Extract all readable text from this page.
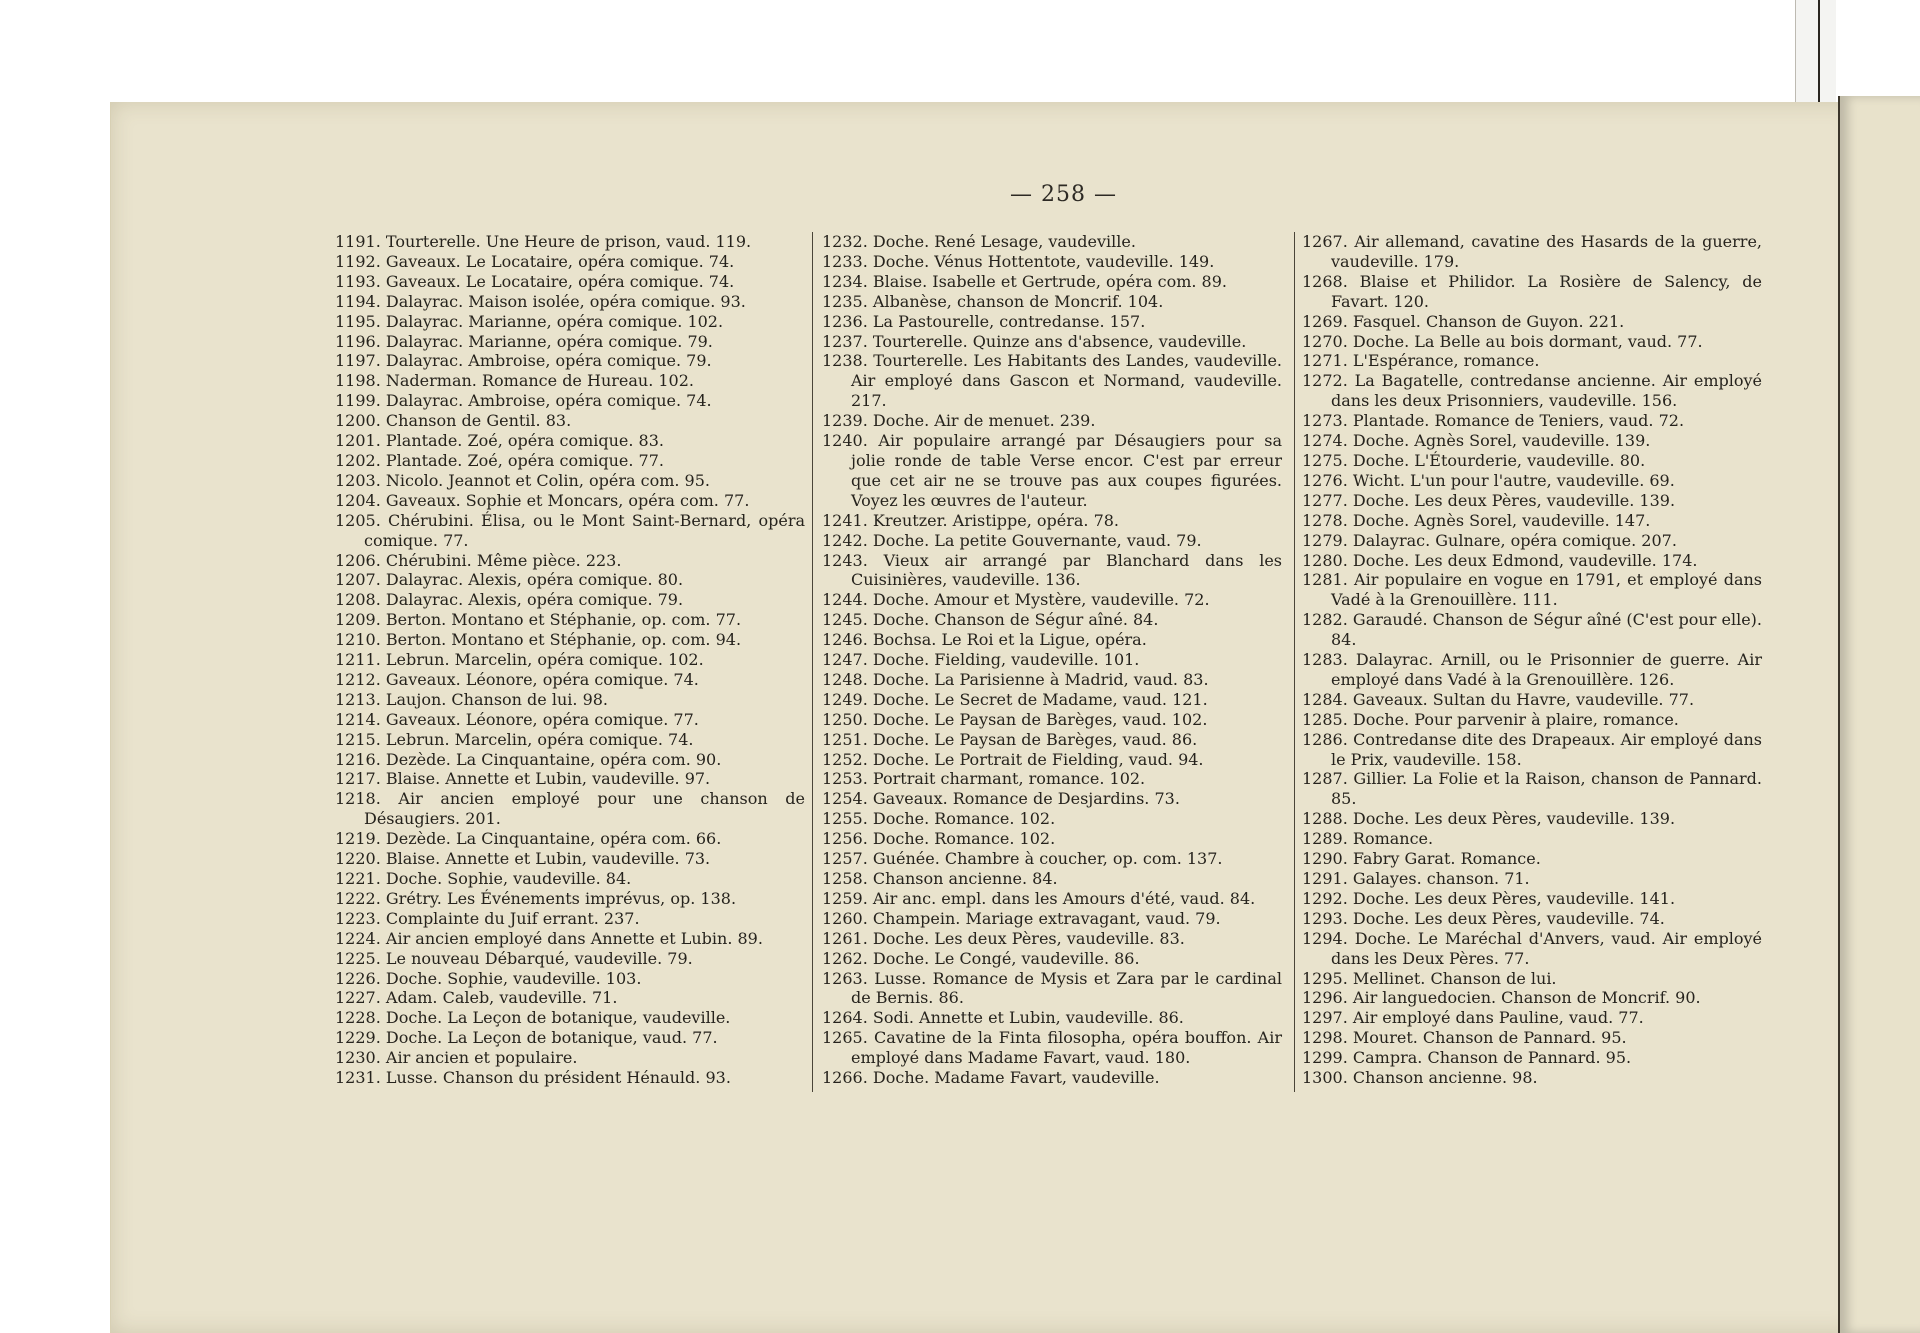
— 258 —
1191. Tourterelle. Une Heure de prison, vaud. 119.
1192. Gaveaux. Le Locataire, opéra comique. 74.
1193. Gaveaux. Le Locataire, opéra comique. 74.
1194. Dalayrac. Maison isolée, opéra comique. 93.
1195. Dalayrac. Marianne, opéra comique. 102.
1196. Dalayrac. Marianne, opéra comique. 79.
1197. Dalayrac. Ambroise, opéra comique. 79.
1198. Naderman. Romance de Hureau. 102.
1199. Dalayrac. Ambroise, opéra comique. 74.
1200. Chanson de Gentil. 83.
1201. Plantade. Zoé, opéra comique. 83.
1202. Plantade. Zoé, opéra comique. 77.
1203. Nicolo. Jeannot et Colin, opéra com. 95.
1204. Gaveaux. Sophie et Moncars, opéra com. 77.
1205. Chérubini. Élisa, ou le Mont Saint-Bernard, opéra comique. 77.
1206. Chérubini. Même pièce. 223.
1207. Dalayrac. Alexis, opéra comique. 80.
1208. Dalayrac. Alexis, opéra comique. 79.
1209. Berton. Montano et Stéphanie, op. com. 77.
1210. Berton. Montano et Stéphanie, op. com. 94.
1211. Lebrun. Marcelin, opéra comique. 102.
1212. Gaveaux. Léonore, opéra comique. 74.
1213. Laujon. Chanson de lui. 98.
1214. Gaveaux. Léonore, opéra comique. 77.
1215. Lebrun. Marcelin, opéra comique. 74.
1216. Dezède. La Cinquantaine, opéra com. 90.
1217. Blaise. Annette et Lubin, vaudeville. 97.
1218. Air ancien employé pour une chanson de Désaugiers. 201.
1219. Dezède. La Cinquantaine, opéra com. 66.
1220. Blaise. Annette et Lubin, vaudeville. 73.
1221. Doche. Sophie, vaudeville. 84.
1222. Grétry. Les Événements imprévus, op. 138.
1223. Complainte du Juif errant. 237.
1224. Air ancien employé dans Annette et Lubin. 89.
1225. Le nouveau Débarqué, vaudeville. 79.
1226. Doche. Sophie, vaudeville. 103.
1227. Adam. Caleb, vaudeville. 71.
1228. Doche. La Leçon de botanique, vaudeville.
1229. Doche. La Leçon de botanique, vaud. 77.
1230. Air ancien et populaire.
1231. Lusse. Chanson du président Hénauld. 93.
1232. Doche. René Lesage, vaudeville.
1233. Doche. Vénus Hottentote, vaudeville. 149.
1234. Blaise. Isabelle et Gertrude, opéra com. 89.
1235. Albanèse, chanson de Moncrif. 104.
1236. La Pastourelle, contredanse. 157.
1237. Tourterelle. Quinze ans d'absence, vaudeville.
1238. Tourterelle. Les Habitants des Landes, vaudeville. Air employé dans Gascon et Normand, vaudeville. 217.
1239. Doche. Air de menuet. 239.
1240. Air populaire arrangé par Désaugiers pour sa jolie ronde de table Verse encor. C'est par erreur que cet air ne se trouve pas aux coupes figurées. Voyez les œuvres de l'auteur.
1241. Kreutzer. Aristippe, opéra. 78.
1242. Doche. La petite Gouvernante, vaud. 79.
1243. Vieux air arrangé par Blanchard dans les Cuisinières, vaudeville. 136.
1244. Doche. Amour et Mystère, vaudeville. 72.
1245. Doche. Chanson de Ségur aîné. 84.
1246. Bochsa. Le Roi et la Ligue, opéra.
1247. Doche. Fielding, vaudeville. 101.
1248. Doche. La Parisienne à Madrid, vaud. 83.
1249. Doche. Le Secret de Madame, vaud. 121.
1250. Doche. Le Paysan de Barèges, vaud. 102.
1251. Doche. Le Paysan de Barèges, vaud. 86.
1252. Doche. Le Portrait de Fielding, vaud. 94.
1253. Portrait charmant, romance. 102.
1254. Gaveaux. Romance de Desjardins. 73.
1255. Doche. Romance. 102.
1256. Doche. Romance. 102.
1257. Guénée. Chambre à coucher, op. com. 137.
1258. Chanson ancienne. 84.
1259. Air anc. empl. dans les Amours d'été, vaud. 84.
1260. Champein. Mariage extravagant, vaud. 79.
1261. Doche. Les deux Pères, vaudeville. 83.
1262. Doche. Le Congé, vaudeville. 86.
1263. Lusse. Romance de Mysis et Zara par le cardinal de Bernis. 86.
1264. Sodi. Annette et Lubin, vaudeville. 86.
1265. Cavatine de la Finta filosopha, opéra bouffon. Air employé dans Madame Favart, vaud. 180.
1266. Doche. Madame Favart, vaudeville.
1267. Air allemand, cavatine des Hasards de la guerre, vaudeville. 179.
1268. Blaise et Philidor. La Rosière de Salency, de Favart. 120.
1269. Fasquel. Chanson de Guyon. 221.
1270. Doche. La Belle au bois dormant, vaud. 77.
1271. L'Espérance, romance.
1272. La Bagatelle, contredanse ancienne. Air employé dans les deux Prisonniers, vaudeville. 156.
1273. Plantade. Romance de Teniers, vaud. 72.
1274. Doche. Agnès Sorel, vaudeville. 139.
1275. Doche. L'Étourderie, vaudeville. 80.
1276. Wicht. L'un pour l'autre, vaudeville. 69.
1277. Doche. Les deux Pères, vaudeville. 139.
1278. Doche. Agnès Sorel, vaudeville. 147.
1279. Dalayrac. Gulnare, opéra comique. 207.
1280. Doche. Les deux Edmond, vaudeville. 174.
1281. Air populaire en vogue en 1791, et employé dans Vadé à la Grenouillère. 111.
1282. Garaudé. Chanson de Ségur aîné (C'est pour elle). 84.
1283. Dalayrac. Arnill, ou le Prisonnier de guerre. Air employé dans Vadé à la Grenouillère. 126.
1284. Gaveaux. Sultan du Havre, vaudeville. 77.
1285. Doche. Pour parvenir à plaire, romance.
1286. Contredanse dite des Drapeaux. Air employé dans le Prix, vaudeville. 158.
1287. Gillier. La Folie et la Raison, chanson de Pannard. 85.
1288. Doche. Les deux Pères, vaudeville. 139.
1289. Romance.
1290. Fabry Garat. Romance.
1291. Galayes. chanson. 71.
1292. Doche. Les deux Pères, vaudeville. 141.
1293. Doche. Les deux Pères, vaudeville. 74.
1294. Doche. Le Maréchal d'Anvers, vaud. Air employé dans les Deux Pères. 77.
1295. Mellinet. Chanson de lui.
1296. Air languedocien. Chanson de Moncrif. 90.
1297. Air employé dans Pauline, vaud. 77.
1298. Mouret. Chanson de Pannard. 95.
1299. Campra. Chanson de Pannard. 95.
1300. Chanson ancienne. 98.
